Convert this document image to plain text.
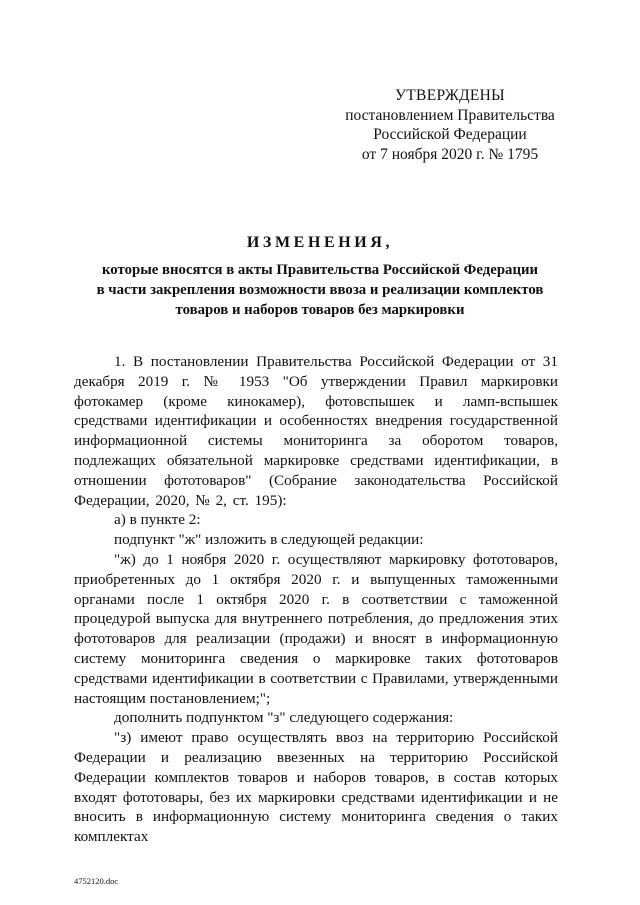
УТВЕРЖДЕНЫ
постановлением Правительства
Российской Федерации
от 7 ноября 2020 г. № 1795
ИЗМЕНЕНИЯ,
которые вносятся в акты Правительства Российской Федерации
в части закрепления возможности ввоза и реализации комплектов
товаров и наборов товаров без маркировки

1. В постановлении Правительства Российской Федерации от 31 декабря 2019 г. № 1953 "Об утверждении Правил маркировки фотокамер (кроме кинокамер), фотовспышек и ламп-вспышек средствами идентификации и особенностях внедрения государственной информационной системы мониторинга за оборотом товаров, подлежащих обязательной маркировке средствами идентификации, в отношении фототоваров" (Собрание законодательства Российской Федерации, 2020, № 2, ст. 195):

а) в пункте 2:

подпункт "ж" изложить в следующей редакции:

"ж) до 1 ноября 2020 г. осуществляют маркировку фототоваров, приобретенных до 1 октября 2020 г. и выпущенных таможенными органами после 1 октября 2020 г. в соответствии с таможенной процедурой выпуска для внутреннего потребления, до предложения этих фототоваров для реализации (продажи) и вносят в информационную систему мониторинга сведения о маркировке таких фототоваров средствами идентификации в соответствии с Правилами, утвержденными настоящим постановлением;";

дополнить подпунктом "з" следующего содержания:

"з) имеют право осуществлять ввоз на территорию Российской Федерации и реализацию ввезенных на территорию Российской Федерации комплектов товаров и наборов товаров, в состав которых входят фототовары, без их маркировки средствами идентификации и не вносить в информационную систему мониторинга сведения о таких комплектах

4752120.doc
